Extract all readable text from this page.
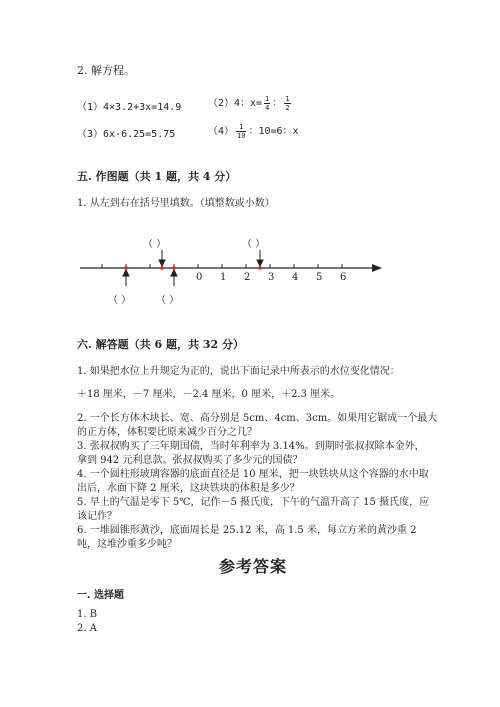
2. 解方程。
（1）4×3.2+3x=14.9	（2）4：$x= \frac{1}{4}$ ： $\frac{1}{2}$
（3）6x-6.25=5.75	$(4) \frac{1}{10}$ ：10=6：x
五. 作图题（共 1 题，共 4 分）
1. 从左到右在括号里填数。（填整数或小数）
（ ）	（ ）
（ ） （ ）
0 1 2 3 4 5 6
六. 解答题（共 6 题，共 32 分）
1. 如果把水位上升规定为正的，说出下面记录中所表示的水位变化情况：
＋18 厘米，－7 厘米，－2.4 厘米，0 厘米，＋2.3 厘米。
2. 一个长方体木块长、宽、高分别是 5cm、4cm、3cm。如果用它锯成一个最大
的正方体，体积要比原来减少百分之几？
3. 张叔叔购买了三年期国债，当时年利率为 3.14%。到期时张叔叔除本金外，
拿到 942 元利息款。张叔叔购买了多少元的国债？
4. 一个圆柱形玻璃容器的底面直径是 10 厘米，把一块铁块从这个容器的水中取
出后，水面下降 2 厘米，这块铁块的体积是多少？
5. 早上的气温是零下 5℃，记作－5 摄氏度，下午的气温升高了 15 摄氏度，应
该记作？
6. 一堆圆锥形黄沙，底面周长是 25.12 米，高 1.5 米，每立方米的黄沙重 2
吨，这堆沙重多少吨？
参考答案
一. 选择题
1. B
2. A
